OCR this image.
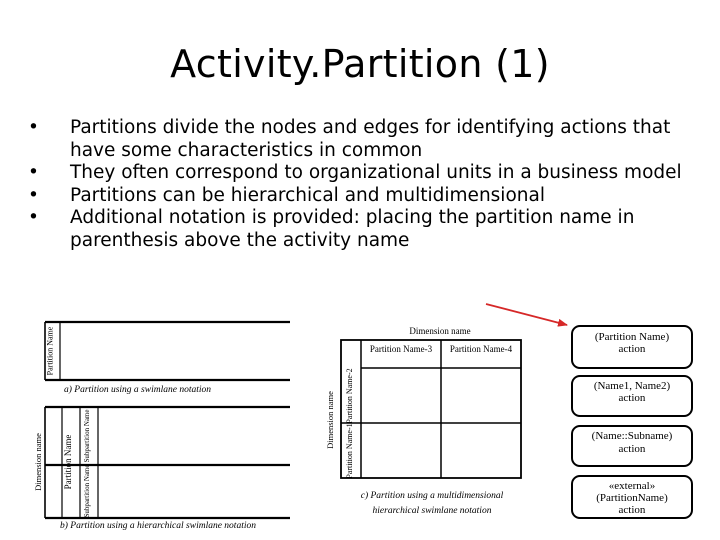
Activity.Partition (1)
• Partitions divide the nodes and edges for identifying actions that have some characteristics in common
• They often correspond to organizational units in a business model
• Partitions can be hierarchical and multidimensional
• Additional notation is provided: placing the partition name in parenthesis above the activity name
Partition Name
a) Partition using a swimlane notation
Dimension name Partition Name Subpartition Name
Subpartition Name
b) Partition using a hierarchical swimlane notation
Dimension name
Partition Name-3 Partition Name-4
Dimension name Partition Name-2
Partition Name-1
c) Partition using a multidimensional
hierarchical swimlane notation
(Partition Name)
action
(Name1, Name2)
action
(Name::Subname)
action
«external»
(PartitionName)
action
